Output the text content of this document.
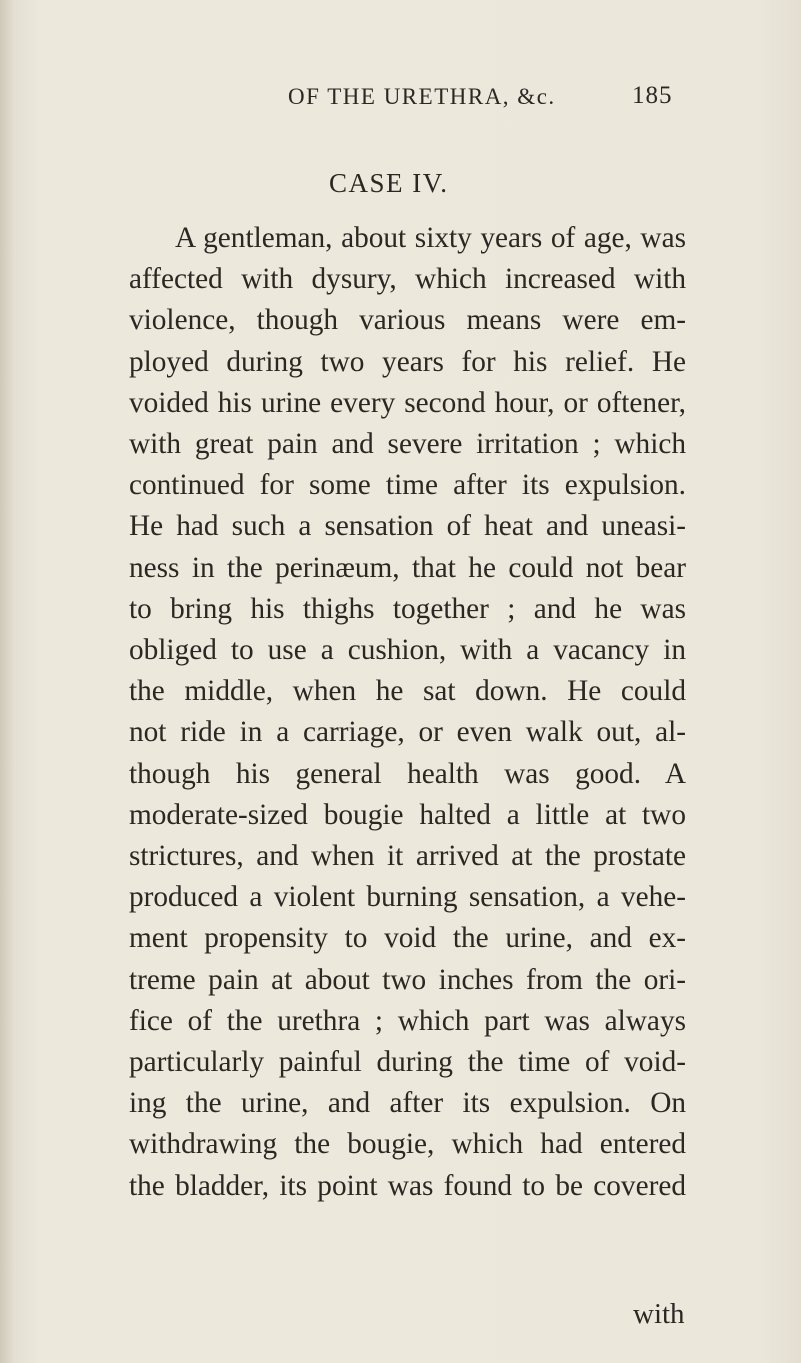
OF THE URETHRA, &c.	185
CASE IV.
A gentleman, about sixty years of age, was
affected with dysury, which increased with
violence, though various means were em-
ployed during two years for his relief. He
voided his urine every second hour, or oftener,
with great pain and severe irritation ; which
continued for some time after its expulsion.
He had such a sensation of heat and uneasi-
ness in the perinæum, that he could not bear
to bring his thighs together ; and he was
obliged to use a cushion, with a vacancy in
the middle, when he sat down. He could
not ride in a carriage, or even walk out, al-
though his general health was good. A
moderate-sized bougie halted a little at two
strictures, and when it arrived at the prostate
produced a violent burning sensation, a vehe-
ment propensity to void the urine, and ex-
treme pain at about two inches from the ori-
fice of the urethra ; which part was always
particularly painful during the time of void-
ing the urine, and after its expulsion. On
withdrawing the bougie, which had entered
the bladder, its point was found to be covered
with
